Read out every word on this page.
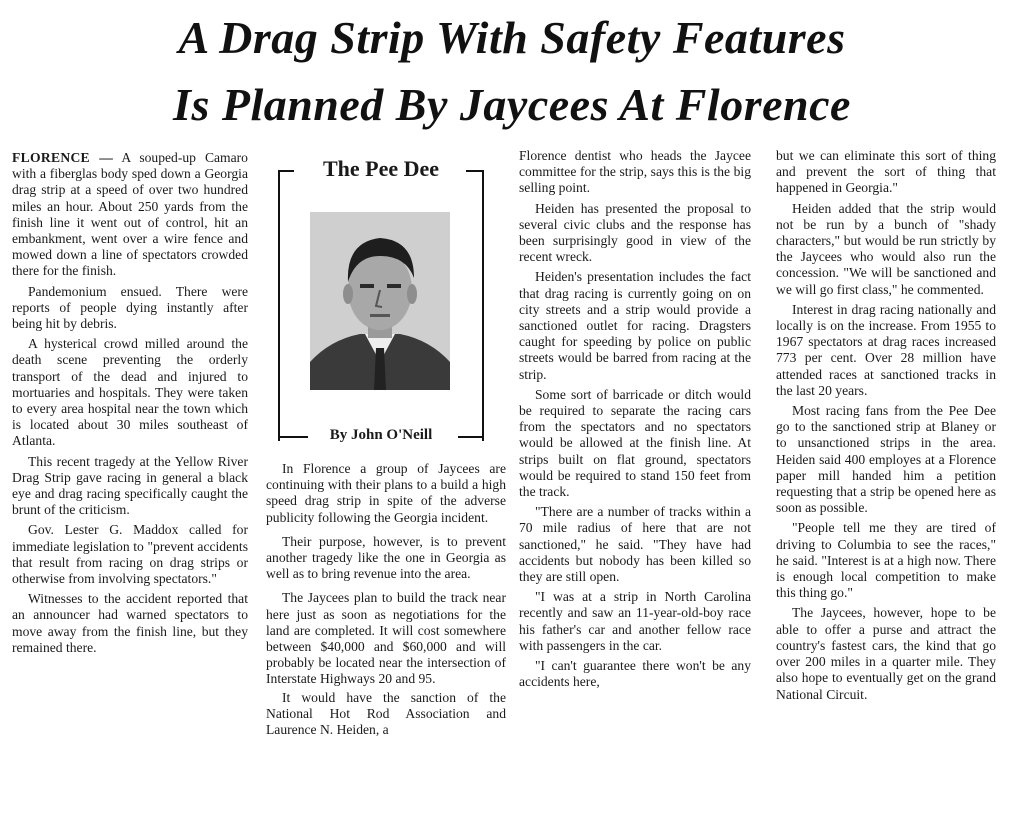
A Drag Strip With Safety Features
Is Planned By Jaycees At Florence

FLORENCE — A souped-up Camaro with a fiberglas body sped down a Georgia drag strip at a speed of over two hundred miles an hour. About 250 yards from the finish line it went out of control, hit an embankment, went over a wire fence and mowed down a line of spectators crowded there for the finish.

Pandemonium ensued. There were reports of people dying instantly after being hit by debris.

A hysterical crowd milled around the death scene preventing the orderly transport of the dead and injured to mortuaries and hospitals. They were taken to every area hospital near the town which is located about 30 miles southeast of Atlanta.

This recent tragedy at the Yellow River Drag Strip gave racing in general a black eye and drag racing specifically caught the brunt of the criticism.

Gov. Lester G. Maddox called for immediate legislation to "prevent accidents that result from racing on drag strips or otherwise from involving spectators."

Witnesses to the accident reported that an announcer had warned spectators to move away from the finish line, but they remained there.

The Pee Dee
By John O'Neill

In Florence a group of Jaycees are continuing with their plans to a build a high speed drag strip in spite of the adverse publicity following the Georgia incident.

Their purpose, however, is to prevent another tragedy like the one in Georgia as well as to bring revenue into the area.

The Jaycees plan to build the track near here just as soon as negotiations for the land are completed. It will cost somewhere between $40,000 and $60,000 and will probably be located near the intersection of Interstate Highways 20 and 95.

It would have the sanction of the National Hot Rod Association and Laurence N. Heiden, a

Florence dentist who heads the Jaycee committee for the strip, says this is the big selling point.

Heiden has presented the proposal to several civic clubs and the response has been surprisingly good in view of the recent wreck.

Heiden's presentation includes the fact that drag racing is currently going on on city streets and a strip would provide a sanctioned outlet for racing. Dragsters caught for speeding by police on public streets would be barred from racing at the strip.

Some sort of barricade or ditch would be required to separate the racing cars from the spectators and no spectators would be allowed at the finish line. At strips built on flat ground, spectators would be required to stand 150 feet from the track.

"There are a number of tracks within a 70 mile radius of here that are not sanctioned," he said. "They have had accidents but nobody has been killed so they are still open.

"I was at a strip in North Carolina recently and saw an 11-year-old-boy race his father's car and another fellow race with passengers in the car.

"I can't guarantee there won't be any accidents here,

but we can eliminate this sort of thing and prevent the sort of thing that happened in Georgia."

Heiden added that the strip would not be run by a bunch of "shady characters," but would be run strictly by the Jaycees who would also run the concession. "We will be sanctioned and we will go first class," he commented.

Interest in drag racing nationally and locally is on the increase. From 1955 to 1967 spectators at drag races increased 773 per cent. Over 28 million have attended races at sanctioned tracks in the last 20 years.

Most racing fans from the Pee Dee go to the sanctioned strip at Blaney or to unsanctioned strips in the area. Heiden said 400 employes at a Florence paper mill handed him a petition requesting that a strip be opened here as soon as possible.

"People tell me they are tired of driving to Columbia to see the races," he said. "Interest is at a high now. There is enough local competition to make this thing go."

The Jaycees, however, hope to be able to offer a purse and attract the country's fastest cars, the kind that go over 200 miles in a quarter mile. They also hope to eventually get on the grand National Circuit.
